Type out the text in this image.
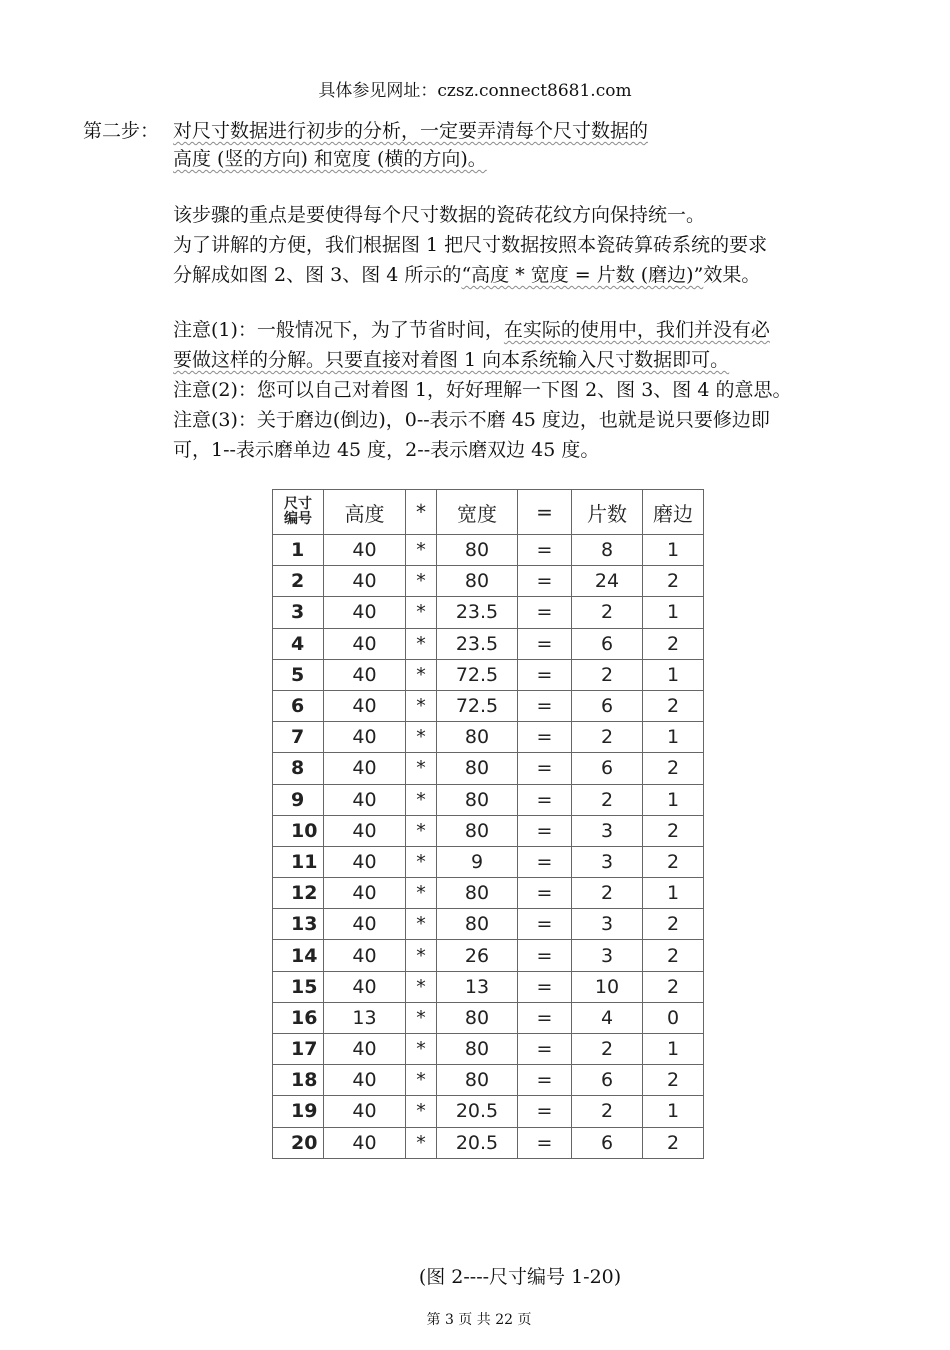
具体参见网址：czsz.connect8681.com
第二步： 对尺寸数据进行初步的分析，一定要弄清每个尺寸数据的
高度 (竖的方向) 和宽度 (横的方向)。
该步骤的重点是要使得每个尺寸数据的瓷砖花纹方向保持统一。
为了讲解的方便，我们根据图 1 把尺寸数据按照本瓷砖算砖系统的要求
分解成如图 2、图 3、图 4 所示的“高度 * 宽度 = 片数 (磨边)”效果。
注意(1)：一般情况下，为了节省时间，在实际的使用中，我们并没有必
要做这样的分解。只要直接对着图 1 向本系统输入尺寸数据即可。
注意(2)：您可以自己对着图 1，好好理解一下图 2、图 3、图 4 的意思。
注意(3)：关于磨边(倒边)，0--表示不磨 45 度边，也就是说只要修边即
可，1--表示磨单边 45 度，2--表示磨双边 45 度。
尺寸编号	高度	*	宽度	=	片数	磨边
1	40	*	80	=	8	1
2	40	*	80	=	24	2
3	40	*	23.5	=	2	1
4	40	*	23.5	=	6	2
5	40	*	72.5	=	2	1
6	40	*	72.5	=	6	2
7	40	*	80	=	2	1
8	40	*	80	=	6	2
9	40	*	80	=	2	1
10	40	*	80	=	3	2
11	40	*	9	=	3	2
12	40	*	80	=	2	1
13	40	*	80	=	3	2
14	40	*	26	=	3	2
15	40	*	13	=	10	2
16	13	*	80	=	4	0
17	40	*	80	=	2	1
18	40	*	80	=	6	2
19	40	*	20.5	=	2	1
20	40	*	20.5	=	6	2
(图 2----尺寸编号 1-20)
第 3 页 共 22 页
